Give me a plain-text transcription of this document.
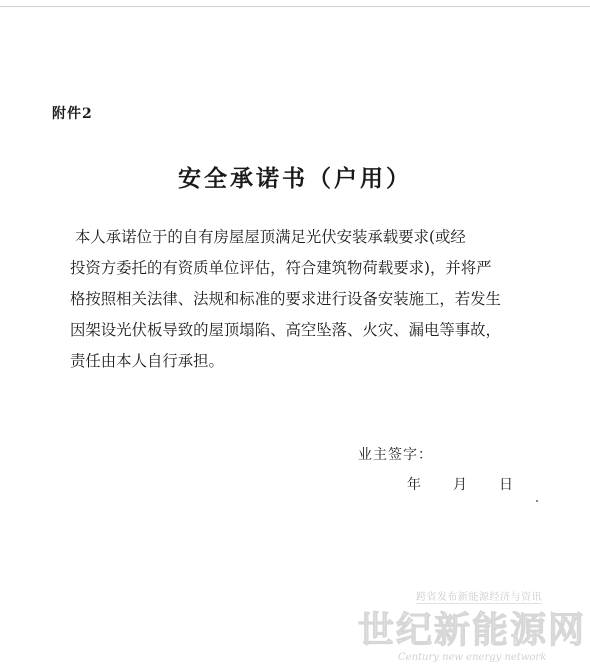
附件2
安全承诺书（户用）
本人承诺位于的自有房屋屋顶满足光伏安装承载要求(或经
投资方委托的有资质单位评估，符合建筑物荷载要求)，并将严
格按照相关法律、法规和标准的要求进行设备安装施工，若发生
因架设光伏板导致的屋顶塌陷、高空坠落、火灾、漏电等事故，
责任由本人自行承担。
业主签字：
年 月 日
跨省发布新能源经济与资讯
世纪新能源网
Century new energy network
